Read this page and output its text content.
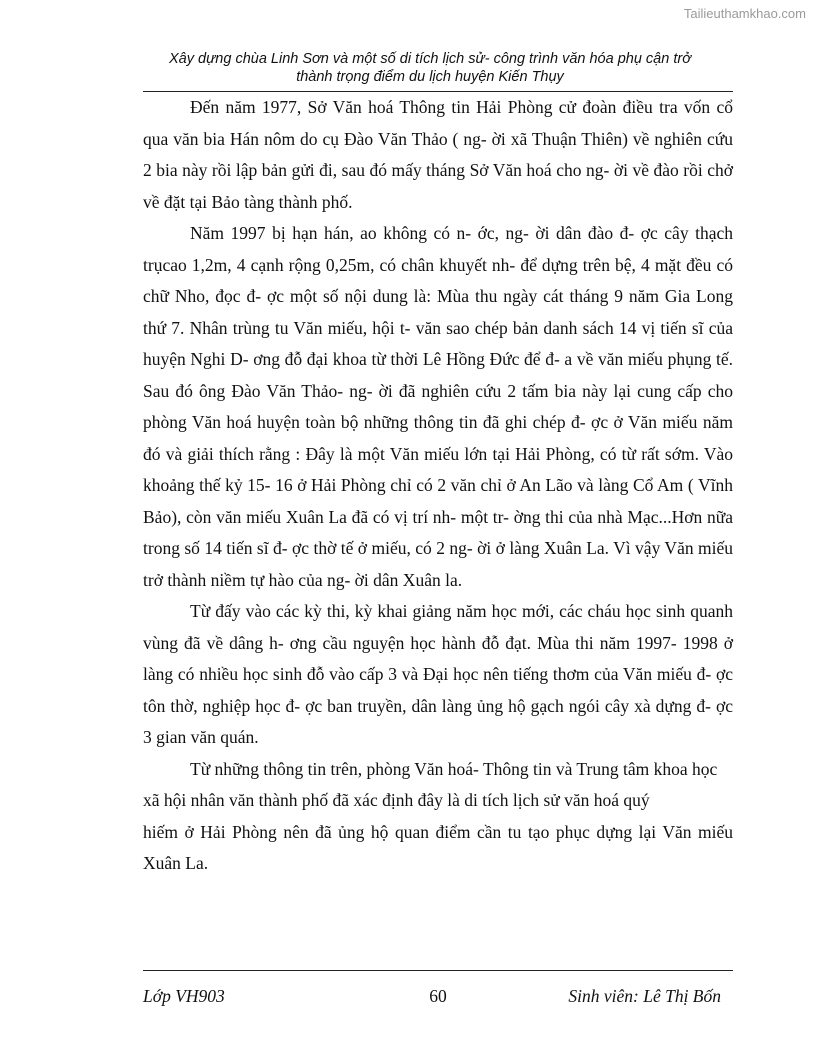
Tailieuthamkhao.com
Xây dựng chùa Linh Sơn và một số di tích lịch sử- công trình văn hóa phụ cận trở
thành trọng điểm du lịch huyện Kiến Thụy

Đến năm 1977, Sở Văn hoá Thông tin Hải Phòng cử đoàn điều tra vốn cổ qua văn bia Hán nôm do cụ Đào Văn Thảo ( ng- ời xã Thuận Thiên) về nghiên cứu 2 bia này rồi lập bản gửi đi, sau đó mấy tháng Sở Văn hoá cho ng- ời về đào rồi chở về đặt tại Bảo tàng thành phố.

Năm 1997 bị hạn hán, ao không có n- ớc, ng- ời dân đào đ- ợc cây thạch trụcao 1,2m, 4 cạnh rộng 0,25m, có chân khuyết nh- để dựng trên bệ, 4 mặt đều có chữ Nho, đọc đ- ợc một số nội dung là: Mùa thu ngày cát tháng 9 năm Gia Long thứ 7. Nhân trùng tu Văn miếu, hội t- văn sao chép bản danh sách 14 vị tiến sĩ của huyện Nghi D- ơng đỗ đại khoa từ thời Lê Hồng Đức để đ- a về văn miếu phụng tế. Sau đó ông Đào Văn Thảo- ng- ời đã nghiên cứu 2 tấm bia này lại cung cấp cho phòng Văn hoá huyện toàn bộ những thông tin đã ghi chép đ- ợc ở Văn miếu năm đó và giải thích rằng : Đây là một Văn miếu lớn tại Hải Phòng, có từ rất sớm. Vào khoảng thế kỷ 15- 16 ở Hải Phòng chỉ có 2 văn chỉ ở An Lão và làng Cổ Am ( Vĩnh Bảo), còn văn miếu Xuân La đã có vị trí nh- một tr- ờng thi của nhà Mạc...Hơn nữa trong số 14 tiến sĩ đ- ợc thờ tế ở miếu, có 2 ng- ời ở làng Xuân La. Vì vậy Văn miếu trở thành niềm tự hào của ng- ời dân Xuân la.

Từ đấy vào các kỳ thi, kỳ khai giảng năm học mới, các cháu học sinh quanh vùng đã về dâng h- ơng cầu nguyện học hành đỗ đạt. Mùa thi năm 1997- 1998 ở làng có nhiều học sinh đỗ vào cấp 3 và Đại học nên tiếng thơm của Văn miếu đ- ợc tôn thờ, nghiệp học đ- ợc ban truyền, dân làng ủng hộ gạch ngói cây xà dựng đ- ợc 3 gian văn quán.

Từ những thông tin trên, phòng Văn hoá- Thông tin và Trung tâm khoa học xã hội nhân văn thành phố đã xác định đây là di tích lịch sử văn hoá quý

hiếm ở Hải Phòng nên đã ủng hộ quan điểm cần tu tạo phục dựng lại Văn miếu Xuân La.

Lớp VH903	60	Sinh viên: Lê Thị Bốn
